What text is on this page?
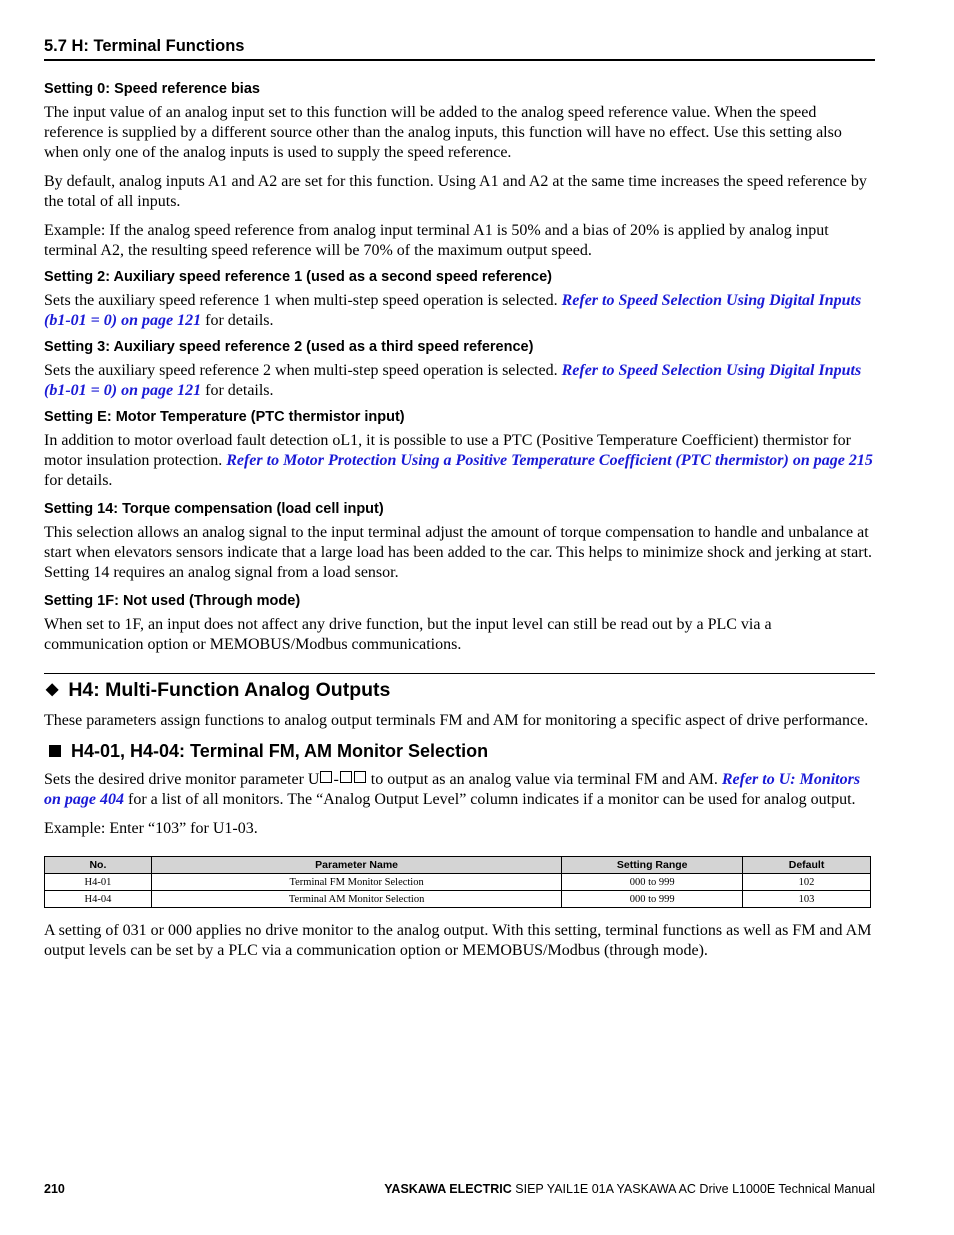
5.7 H: Terminal Functions
Setting 0: Speed reference bias

The input value of an analog input set to this function will be added to the analog speed reference value. When the speed reference is supplied by a different source other than the analog inputs, this function will have no effect. Use this setting also when only one of the analog inputs is used to supply the speed reference.

By default, analog inputs A1 and A2 are set for this function. Using A1 and A2 at the same time increases the speed reference by the total of all inputs.

Example: If the analog speed reference from analog input terminal A1 is 50% and a bias of 20% is applied by analog input terminal A2, the resulting speed reference will be 70% of the maximum output speed.

Setting 2: Auxiliary speed reference 1 (used as a second speed reference)

Sets the auxiliary speed reference 1 when multi-step speed operation is selected. Refer to Speed Selection Using Digital Inputs (b1-01 = 0) on page 121 for details.

Setting 3: Auxiliary speed reference 2 (used as a third speed reference)

Sets the auxiliary speed reference 2 when multi-step speed operation is selected. Refer to Speed Selection Using Digital Inputs (b1-01 = 0) on page 121 for details.

Setting E: Motor Temperature (PTC thermistor input)

In addition to motor overload fault detection oL1, it is possible to use a PTC (Positive Temperature Coefficient) thermistor for motor insulation protection. Refer to Motor Protection Using a Positive Temperature Coefficient (PTC thermistor) on page 215 for details.

Setting 14: Torque compensation (load cell input)

This selection allows an analog signal to the input terminal adjust the amount of torque compensation to handle and unbalance at start when elevators sensors indicate that a large load has been added to the car. This helps to minimize shock and jerking at start. Setting 14 requires an analog signal from a load sensor.

Setting 1F: Not used (Through mode)

When set to 1F, an input does not affect any drive function, but the input level can still be read out by a PLC via a communication option or MEMOBUS/Modbus communications.

◆ H4: Multi-Function Analog Outputs

These parameters assign functions to analog output terminals FM and AM for monitoring a specific aspect of drive performance.

H4-01, H4-04: Terminal FM, AM Monitor Selection

Sets the desired drive monitor parameter U - to output as an analog value via terminal FM and AM. Refer to U: Monitors on page 404 for a list of all monitors. The “Analog Output Level” column indicates if a monitor can be used for analog output.

Example: Enter “103” for U1-03.

No.	Parameter Name	Setting Range	Default
H4-01	Terminal FM Monitor Selection	000 to 999	102
H4-04	Terminal AM Monitor Selection	000 to 999	103

A setting of 031 or 000 applies no drive monitor to the analog output. With this setting, terminal functions as well as FM and AM output levels can be set by a PLC via a communication option or MEMOBUS/Modbus (through mode).

210	YASKAWA ELECTRIC SIEP YAIL1E 01A YASKAWA AC Drive L1000E Technical Manual
